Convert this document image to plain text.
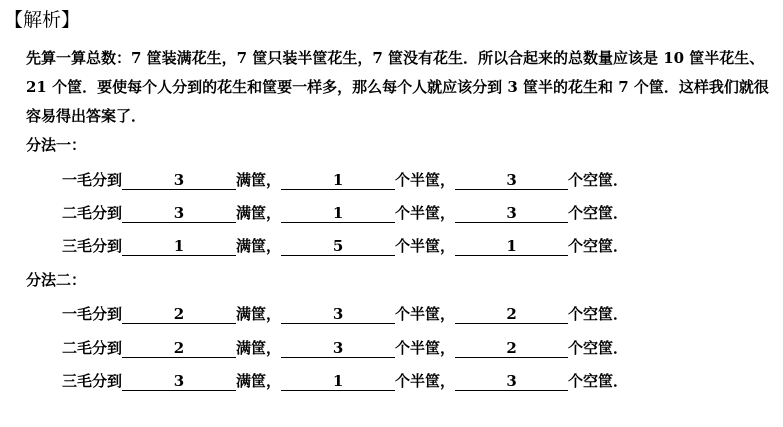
【解析】

先算一算总数：7 筐装满花生，7 筐只装半筐花生，7 筐没有花生．所以合起来的总数量应该是 10 筐半花生、21 个筐．要使每个人分到的花生和筐要一样多，那么每个人就应该分到 3 筐半的花生和 7 个筐．这样我们就很容易得出答案了．

分法一：
一毛分到	3	满筐，	1	个半筐，	3	个空筐．
二毛分到	3	满筐，	1	个半筐，	3	个空筐．
三毛分到	1	满筐，	5	个半筐，	1	个空筐．
分法二：
一毛分到	2	满筐，	3	个半筐，	2	个空筐．
二毛分到	2	满筐，	3	个半筐，	2	个空筐．
三毛分到	3	满筐，	1	个半筐，	3	个空筐．
